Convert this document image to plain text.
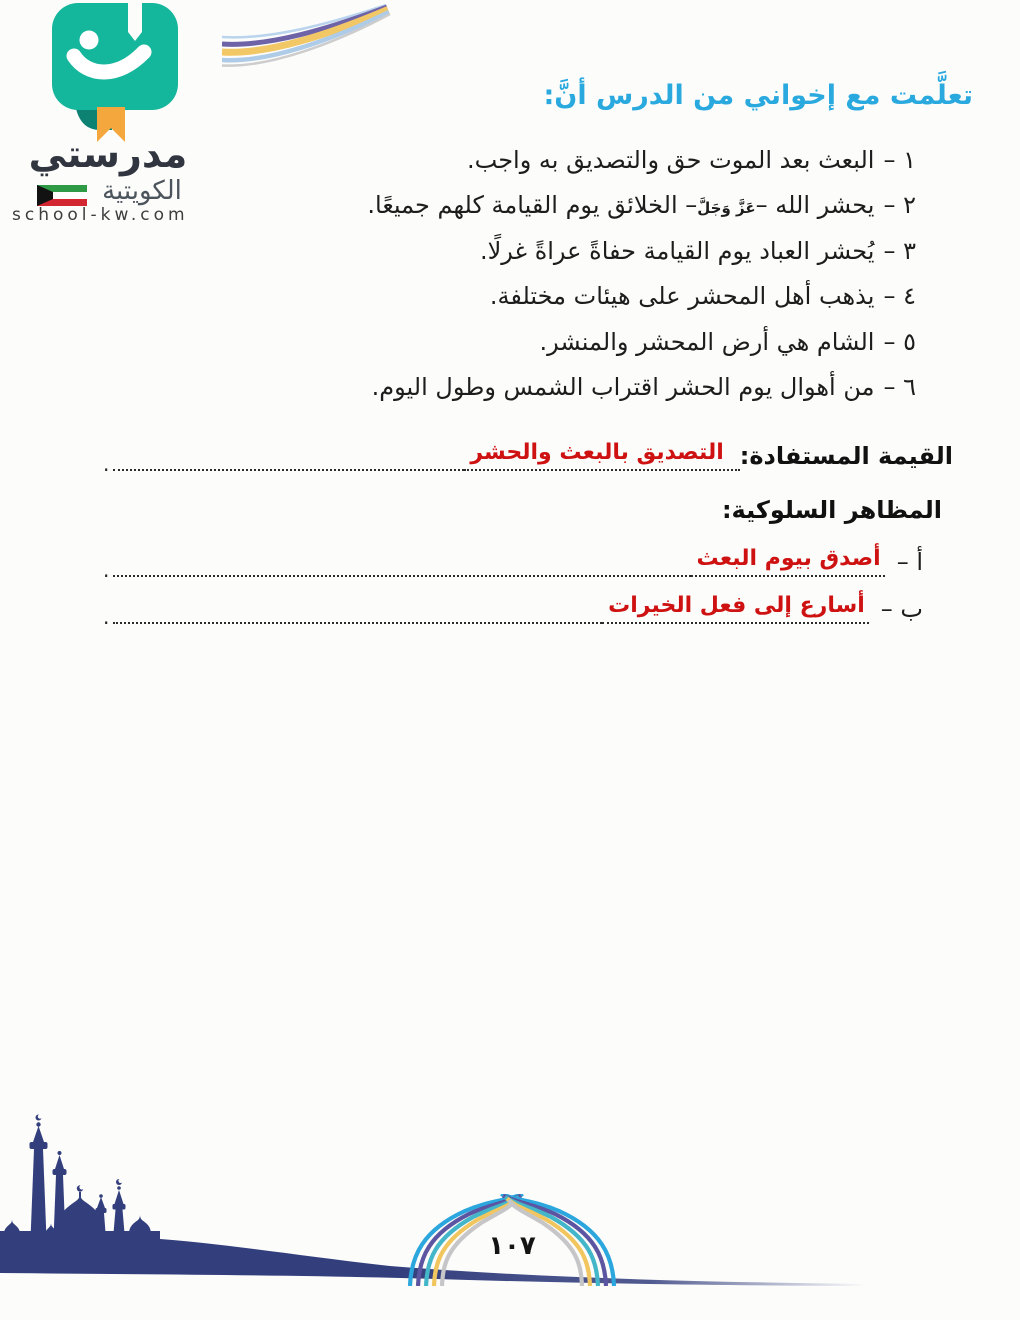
مدرستي
الكويتية
school-kw.com
تعلَّمت مع إخواني من الدرس أنَّ:
١ –البعث بعد الموت حق والتصديق به واجب.
٢ –يحشر الله –عَزَّ وَجَلَّ– الخلائق يوم القيامة كلهم جميعًا.
٣ –يُحشر العباد يوم القيامة حفاةً عراةً غرلًا.
٤ –يذهب أهل المحشر على هيئات مختلفة.
٥ –الشام هي أرض المحشر والمنشر.
٦ –من أهوال يوم الحشر اقتراب الشمس وطول اليوم.
القيمة المستفادة:
التصديق بالبعث والحشر
.
المظاهر السلوكية:
أ –
أصدق بيوم البعث
.
ب –
أسارع إلى فعل الخيرات
.
١٠٧
